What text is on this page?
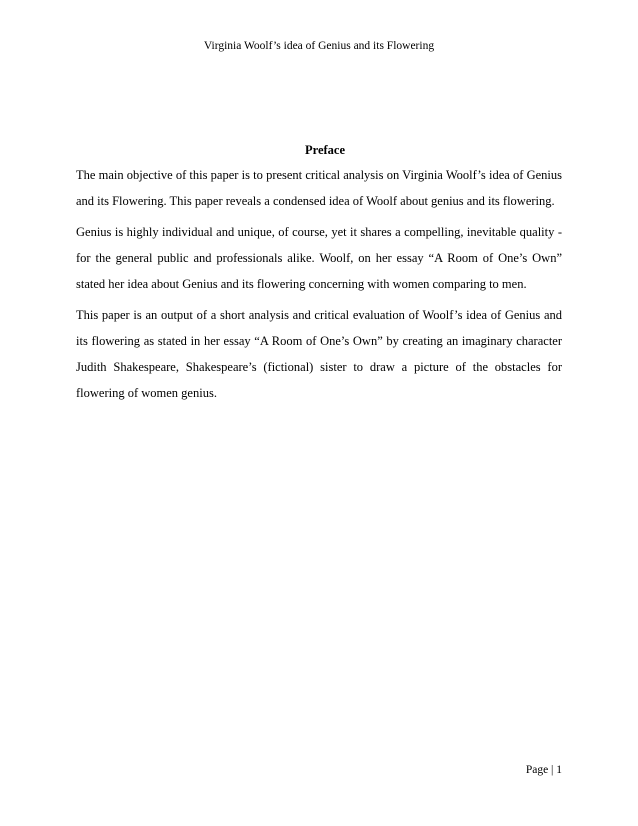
Virginia Woolf’s idea of Genius and its Flowering
Preface

The main objective of this paper is to present critical analysis on Virginia Woolf’s idea of Genius and its Flowering. This paper reveals a condensed idea of Woolf about genius and its flowering.

Genius is highly individual and unique, of course, yet it shares a compelling, inevitable quality - for the general public and professionals alike. Woolf, on her essay “A Room of One’s Own” stated her idea about Genius and its flowering concerning with women comparing to men.

This paper is an output of a short analysis and critical evaluation of Woolf’s idea of Genius and its flowering as stated in her essay “A Room of One’s Own” by creating an imaginary character Judith Shakespeare, Shakespeare’s (fictional) sister to draw a picture of the obstacles for flowering of women genius.

Page | 1
